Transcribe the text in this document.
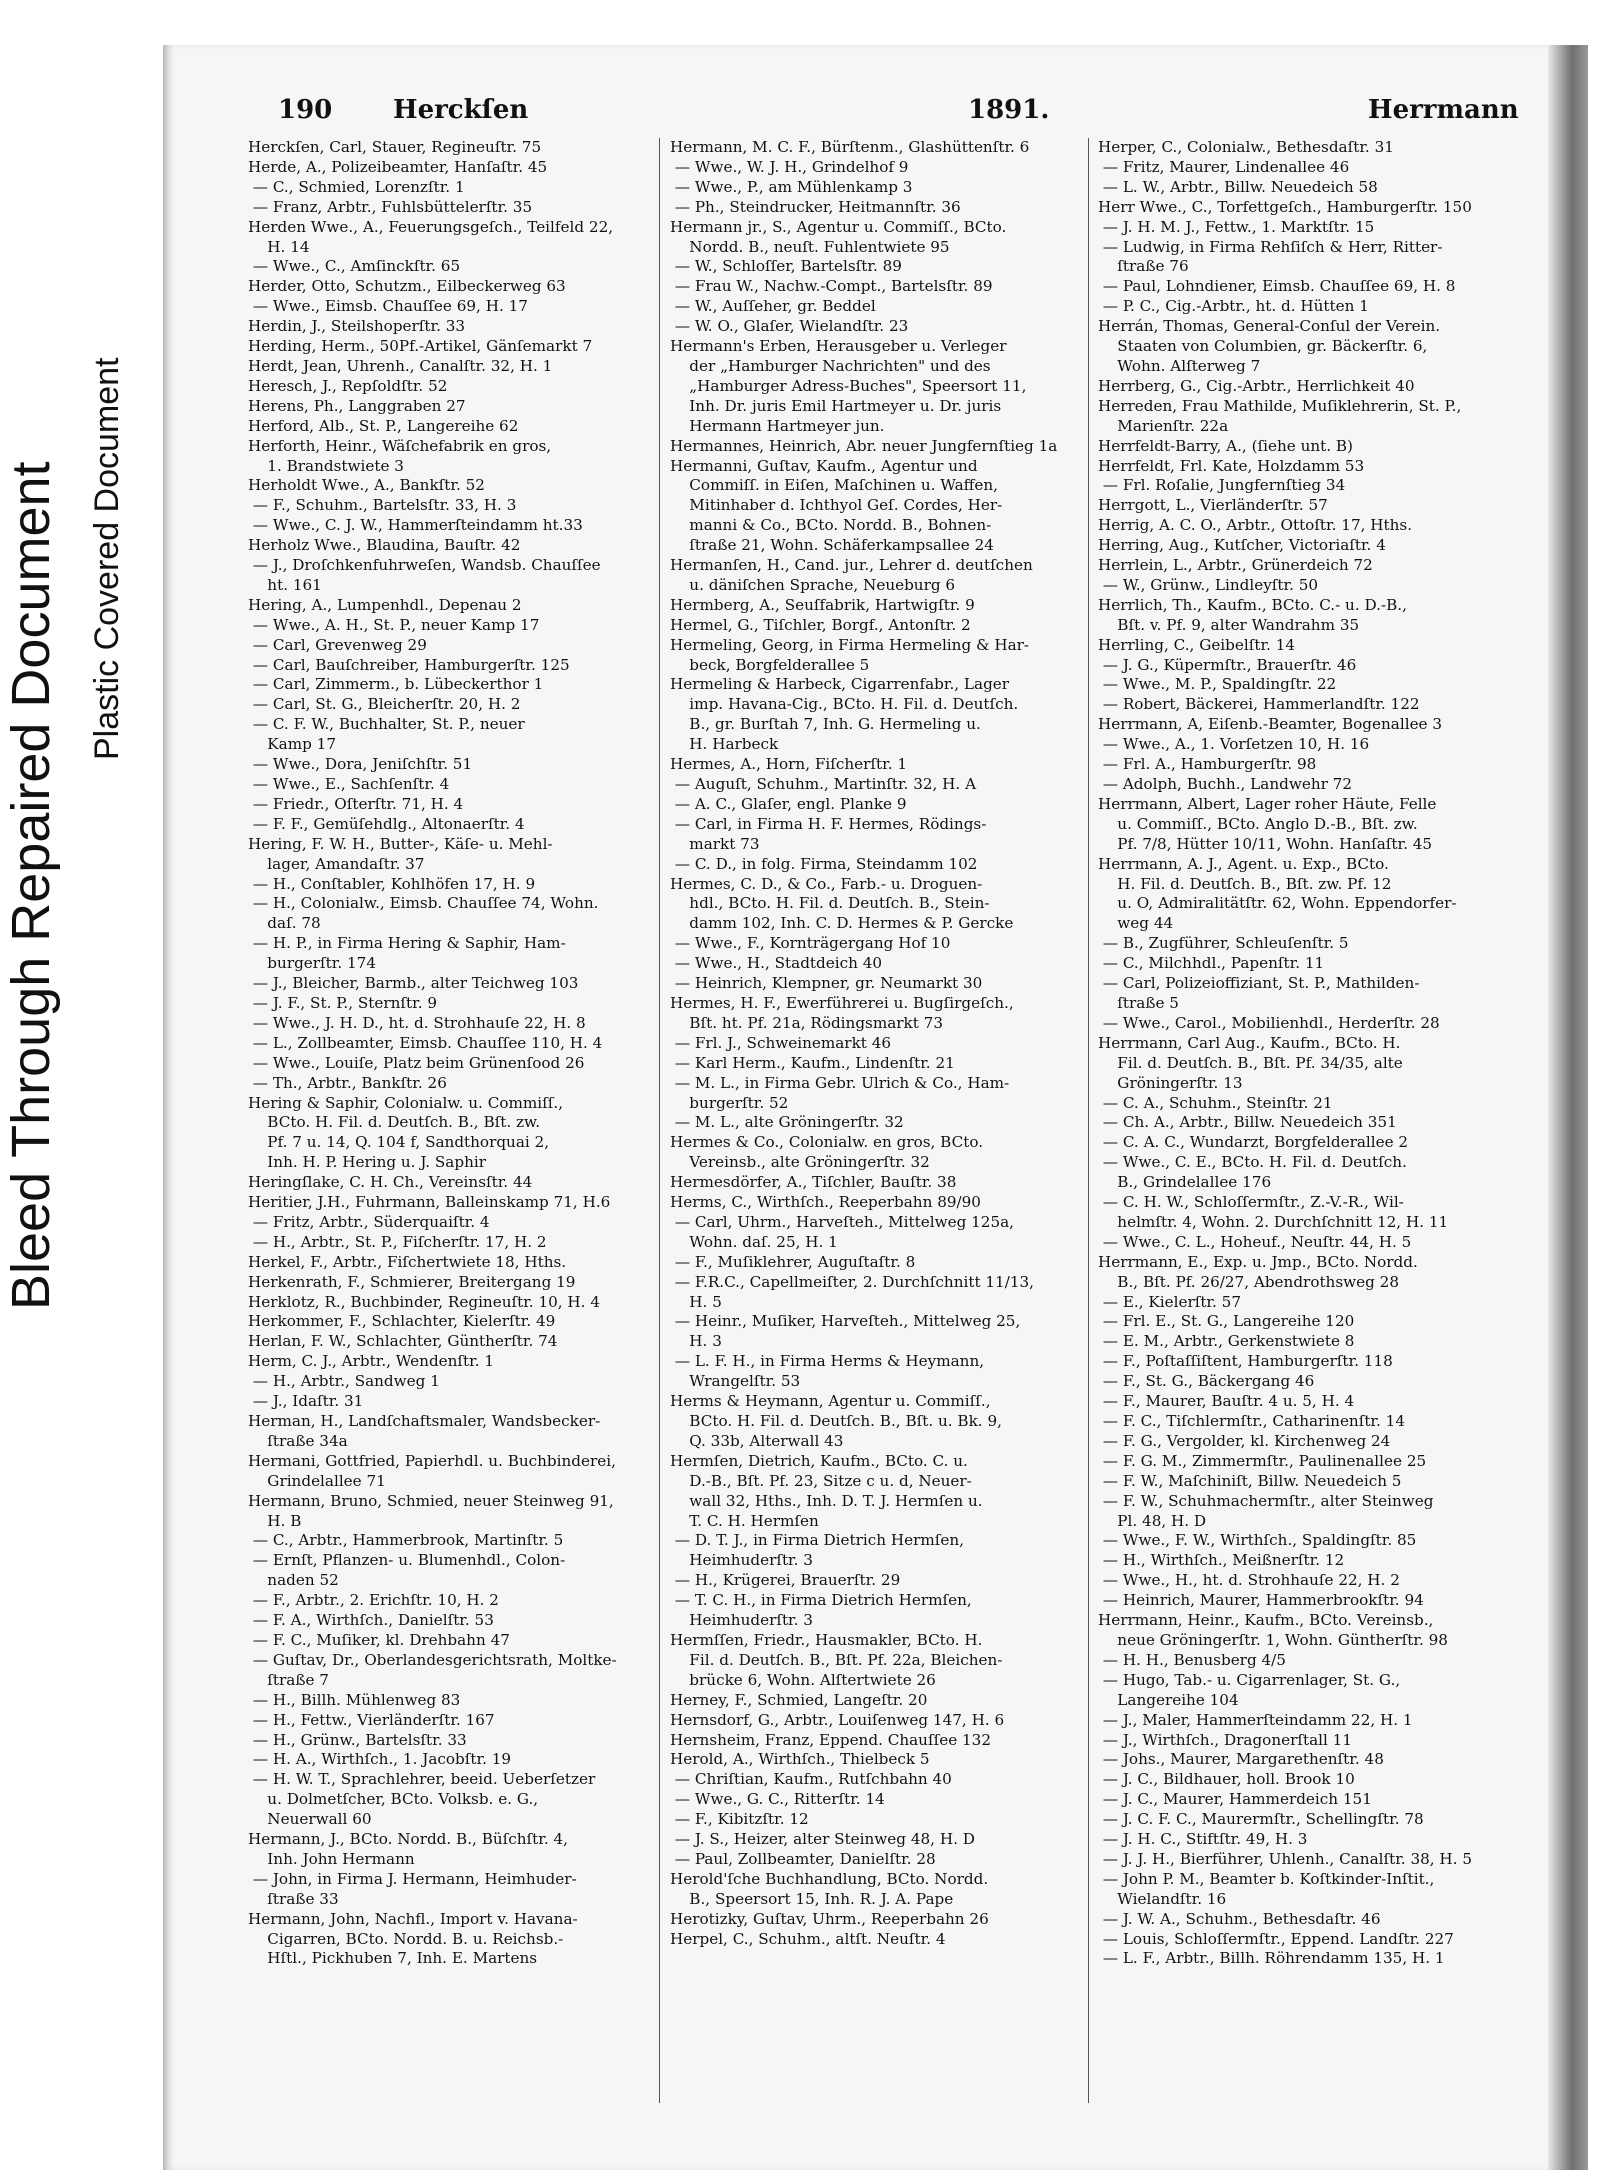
Bleed Through Repaired Document Plastic Covered Document
190 Herckſen	1891.	Herrmann
Herckſen, Carl, Stauer, Regineuſtr. 75
Herde, A., Polizeibeamter, Hanſaſtr. 45
— C., Schmied, Lorenzſtr. 1
— Franz, Arbtr., Fuhlsbüttelerſtr. 35
Herden Wwe., A., Feuerungsgeſch., Teilfeld 22,
H. 14
— Wwe., C., Amſinckſtr. 65
Herder, Otto, Schutzm., Eilbeckerweg 63
— Wwe., Eimsb. Chauſſee 69, H. 17
Herdin, J., Steilshoperſtr. 33
Herding, Herm., 50Pf.-Artikel, Gänſemarkt 7
Herdt, Jean, Uhrenh., Canalſtr. 32, H. 1
Heresch, J., Repſoldſtr. 52
Herens, Ph., Langgraben 27
Herford, Alb., St. P., Langereihe 62
Herforth, Heinr., Wäſchefabrik en gros,
1. Brandstwiete 3
Herholdt Wwe., A., Bankſtr. 52
— F., Schuhm., Bartelsſtr. 33, H. 3
— Wwe., C. J. W., Hammerſteindamm ht.33
Herholz Wwe., Blaudina, Bauſtr. 42
— J., Droſchkenfuhrweſen, Wandsb. Chauſſee
ht. 161
Hering, A., Lumpenhdl., Depenau 2
— Wwe., A. H., St. P., neuer Kamp 17
— Carl, Grevenweg 29
— Carl, Bauſchreiber, Hamburgerſtr. 125
— Carl, Zimmerm., b. Lübeckerthor 1
— Carl, St. G., Bleicherſtr. 20, H. 2
— C. F. W., Buchhalter, St. P., neuer
Kamp 17
— Wwe., Dora, Jeniſchſtr. 51
— Wwe., E., Sachſenſtr. 4
— Friedr., Oſterſtr. 71, H. 4
— F. F., Gemüſehdlg., Altonaerſtr. 4
Hering, F. W. H., Butter-, Käſe- u. Mehl-
lager, Amandaſtr. 37
— H., Conſtabler, Kohlhöfen 17, H. 9
— H., Colonialw., Eimsb. Chauſſee 74, Wohn.
daſ. 78
— H. P., in Firma Hering & Saphir, Ham-
burgerſtr. 174
— J., Bleicher, Barmb., alter Teichweg 103
— J. F., St. P., Sternſtr. 9
— Wwe., J. H. D., ht. d. Strohhauſe 22, H. 8
— L., Zollbeamter, Eimsb. Chauſſee 110, H. 4
— Wwe., Louiſe, Platz beim Grünenſood 26
— Th., Arbtr., Bankſtr. 26
Hering & Saphir, Colonialw. u. Commiſſ.,
BCto. H. Fil. d. Deutſch. B., Bſt. zw.
Pf. 7 u. 14, Q. 104 f, Sandthorquai 2,
Inh. H. P. Hering u. J. Saphir
Heringſlake, C. H. Ch., Vereinsſtr. 44
Heritier, J.H., Fuhrmann, Balleinskamp 71, H.6
— Fritz, Arbtr., Süderquaiſtr. 4
— H., Arbtr., St. P., Fiſcherſtr. 17, H. 2
Herkel, F., Arbtr., Fiſchertwiete 18, Hths.
Herkenrath, F., Schmierer, Breitergang 19
Herklotz, R., Buchbinder, Regineuſtr. 10, H. 4
Herkommer, F., Schlachter, Kielerſtr. 49
Herlan, F. W., Schlachter, Güntherſtr. 74
Herm, C. J., Arbtr., Wendenſtr. 1
— H., Arbtr., Sandweg 1
— J., Idaſtr. 31
Herman, H., Landſchaftsmaler, Wandsbecker-
ſtraße 34a
Hermani, Gottfried, Papierhdl. u. Buchbinderei,
Grindelallee 71
Hermann, Bruno, Schmied, neuer Steinweg 91,
H. B
— C., Arbtr., Hammerbrook, Martinſtr. 5
— Ernſt, Pflanzen- u. Blumenhdl., Colon-
naden 52
— F., Arbtr., 2. Erichſtr. 10, H. 2
— F. A., Wirthſch., Danielſtr. 53
— F. C., Muſiker, kl. Drehbahn 47
— Guſtav, Dr., Oberlandesgerichtsrath, Moltke-
ſtraße 7
— H., Billh. Mühlenweg 83
— H., Fettw., Vierländerſtr. 167
— H., Grünw., Bartelsſtr. 33
— H. A., Wirthſch., 1. Jacobſtr. 19
— H. W. T., Sprachlehrer, beeid. Ueberſetzer
u. Dolmetſcher, BCto. Volksb. e. G.,
Neuerwall 60
Hermann, J., BCto. Nordd. B., Büſchſtr. 4,
Inh. John Hermann
— John, in Firma J. Hermann, Heimhuder-
ſtraße 33
Hermann, John, Nachfl., Import v. Havana-
Cigarren, BCto. Nordd. B. u. Reichsb.-
Hſtl., Pickhuben 7, Inh. E. Martens
Hermann, M. C. F., Bürſtenm., Glashüttenſtr. 6
— Wwe., W. J. H., Grindelhof 9
— Wwe., P., am Mühlenkamp 3
— Ph., Steindrucker, Heitmannſtr. 36
Hermann jr., S., Agentur u. Commiſſ., BCto.
Nordd. B., neuſt. Fuhlentwiete 95
— W., Schloſſer, Bartelsſtr. 89
— Frau W., Nachw.-Compt., Bartelsſtr. 89
— W., Auſſeher, gr. Beddel
— W. O., Glaſer, Wielandſtr. 23
Hermann's Erben, Herausgeber u. Verleger
der „Hamburger Nachrichten" und des
„Hamburger Adress-Buches", Speersort 11,
Inh. Dr. juris Emil Hartmeyer u. Dr. juris
Hermann Hartmeyer jun.
Hermannes, Heinrich, Abr. neuer Jungfernſtieg 1a
Hermanni, Guſtav, Kaufm., Agentur und
Commiſſ. in Eiſen, Maſchinen u. Waffen,
Mitinhaber d. Ichthyol Geſ. Cordes, Her-
manni & Co., BCto. Nordd. B., Bohnen-
ſtraße 21, Wohn. Schäferkampsallee 24
Hermanſen, H., Cand. jur., Lehrer d. deutſchen
u. däniſchen Sprache, Neueburg 6
Hermberg, A., Seuſfabrik, Hartwigſtr. 9
Hermel, G., Tiſchler, Borgf., Antonſtr. 2
Hermeling, Georg, in Firma Hermeling & Har-
beck, Borgfelderallee 5
Hermeling & Harbeck, Cigarrenfabr., Lager
imp. Havana-Cig., BCto. H. Fil. d. Deutſch.
B., gr. Burſtah 7, Inh. G. Hermeling u.
H. Harbeck
Hermes, A., Horn, Fiſcherſtr. 1
— Auguſt, Schuhm., Martinſtr. 32, H. A
— A. C., Glaſer, engl. Planke 9
— Carl, in Firma H. F. Hermes, Rödings-
markt 73
— C. D., in folg. Firma, Steindamm 102
Hermes, C. D., & Co., Farb.- u. Droguen-
hdl., BCto. H. Fil. d. Deutſch. B., Stein-
damm 102, Inh. C. D. Hermes & P. Gercke
— Wwe., F., Kornträgergang Hof 10
— Wwe., H., Stadtdeich 40
— Heinrich, Klempner, gr. Neumarkt 30
Hermes, H. F., Ewerführerei u. Bugſirgeſch.,
Bſt. ht. Pf. 21a, Rödingsmarkt 73
— Frl. J., Schweinemarkt 46
— Karl Herm., Kaufm., Lindenſtr. 21
— M. L., in Firma Gebr. Ulrich & Co., Ham-
burgerſtr. 52
— M. L., alte Gröningerſtr. 32
Hermes & Co., Colonialw. en gros, BCto.
Vereinsb., alte Gröningerſtr. 32
Hermesdörfer, A., Tiſchler, Bauſtr. 38
Herms, C., Wirthſch., Reeperbahn 89/90
— Carl, Uhrm., Harveſteh., Mittelweg 125a,
Wohn. daſ. 25, H. 1
— F., Muſiklehrer, Auguſtaſtr. 8
— F.R.C., Capellmeiſter, 2. Durchſchnitt 11/13,
H. 5
— Heinr., Muſiker, Harveſteh., Mittelweg 25,
H. 3
— L. F. H., in Firma Herms & Heymann,
Wrangelſtr. 53
Herms & Heymann, Agentur u. Commiſſ.,
BCto. H. Fil. d. Deutſch. B., Bſt. u. Bk. 9,
Q. 33b, Alterwall 43
Hermſen, Dietrich, Kaufm., BCto. C. u.
D.-B., Bſt. Pf. 23, Sitze c u. d, Neuer-
wall 32, Hths., Inh. D. T. J. Hermſen u.
T. C. H. Hermſen
— D. T. J., in Firma Dietrich Hermſen,
Heimhuderſtr. 3
— H., Krügerei, Brauerſtr. 29
— T. C. H., in Firma Dietrich Hermſen,
Heimhuderſtr. 3
Hermſſen, Friedr., Hausmakler, BCto. H.
Fil. d. Deutſch. B., Bſt. Pf. 22a, Bleichen-
brücke 6, Wohn. Alſtertwiete 26
Herney, F., Schmied, Langeſtr. 20
Hernsdorf, G., Arbtr., Louiſenweg 147, H. 6
Hernsheim, Franz, Eppend. Chauſſee 132
Herold, A., Wirthſch., Thielbeck 5
— Chriſtian, Kaufm., Rutſchbahn 40
— Wwe., G. C., Ritterſtr. 14
— F., Kibitzſtr. 12
— J. S., Heizer, alter Steinweg 48, H. D
— Paul, Zollbeamter, Danielſtr. 28
Herold'ſche Buchhandlung, BCto. Nordd.
B., Speersort 15, Inh. R. J. A. Pape
Herotizky, Guſtav, Uhrm., Reeperbahn 26
Herpel, C., Schuhm., altſt. Neuſtr. 4
Herper, C., Colonialw., Bethesdaſtr. 31
— Fritz, Maurer, Lindenallee 46
— L. W., Arbtr., Billw. Neuedeich 58
Herr Wwe., C., Torfettgeſch., Hamburgerſtr. 150
— J. H. M. J., Fettw., 1. Marktſtr. 15
— Ludwig, in Firma Rehſiſch & Herr, Ritter-
ſtraße 76
— Paul, Lohndiener, Eimsb. Chauſſee 69, H. 8
— P. C., Cig.-Arbtr., ht. d. Hütten 1
Herrán, Thomas, General-Conſul der Verein.
Staaten von Columbien, gr. Bäckerſtr. 6,
Wohn. Alſterweg 7
Herrberg, G., Cig.-Arbtr., Herrlichkeit 40
Herreden, Frau Mathilde, Muſiklehrerin, St. P.,
Marienſtr. 22a
Herrfeldt-Barry, A., (ſiehe unt. B)
Herrfeldt, Frl. Kate, Holzdamm 53
— Frl. Roſalie, Jungfernſtieg 34
Herrgott, L., Vierländerſtr. 57
Herrig, A. C. O., Arbtr., Ottoſtr. 17, Hths.
Herring, Aug., Kutſcher, Victoriaſtr. 4
Herrlein, L., Arbtr., Grünerdeich 72
— W., Grünw., Lindleyſtr. 50
Herrlich, Th., Kaufm., BCto. C.- u. D.-B.,
Bſt. v. Pf. 9, alter Wandrahm 35
Herrling, C., Geibelſtr. 14
— J. G., Küpermſtr., Brauerſtr. 46
— Wwe., M. P., Spaldingſtr. 22
— Robert, Bäckerei, Hammerlandſtr. 122
Herrmann, A, Eiſenb.-Beamter, Bogenallee 3
— Wwe., A., 1. Vorſetzen 10, H. 16
— Frl. A., Hamburgerſtr. 98
— Adolph, Buchh., Landwehr 72
Herrmann, Albert, Lager roher Häute, Felle
u. Commiſſ., BCto. Anglo D.-B., Bſt. zw.
Pf. 7/8, Hütter 10/11, Wohn. Hanſaſtr. 45
Herrmann, A. J., Agent. u. Exp., BCto.
H. Fil. d. Deutſch. B., Bſt. zw. Pf. 12
u. O, Admiralitätſtr. 62, Wohn. Eppendorfer-
weg 44
— B., Zugführer, Schleuſenſtr. 5
— C., Milchhdl., Papenſtr. 11
— Carl, Polizeioffiziant, St. P., Mathilden-
ſtraße 5
— Wwe., Carol., Mobilienhdl., Herderſtr. 28
Herrmann, Carl Aug., Kaufm., BCto. H.
Fil. d. Deutſch. B., Bſt. Pf. 34/35, alte
Gröningerſtr. 13
— C. A., Schuhm., Steinſtr. 21
— Ch. A., Arbtr., Billw. Neuedeich 351
— C. A. C., Wundarzt, Borgfelderallee 2
— Wwe., C. E., BCto. H. Fil. d. Deutſch.
B., Grindelallee 176
— C. H. W., Schloſſermſtr., Z.-V.-R., Wil-
helmſtr. 4, Wohn. 2. Durchſchnitt 12, H. 11
— Wwe., C. L., Hoheuf., Neuſtr. 44, H. 5
Herrmann, E., Exp. u. Jmp., BCto. Nordd.
B., Bſt. Pf. 26/27, Abendrothsweg 28
— E., Kielerſtr. 57
— Frl. E., St. G., Langereihe 120
— E. M., Arbtr., Gerkenstwiete 8
— F., Poſtaſſiſtent, Hamburgerſtr. 118
— F., St. G., Bäckergang 46
— F., Maurer, Bauſtr. 4 u. 5, H. 4
— F. C., Tiſchlermſtr., Catharinenſtr. 14
— F. G., Vergolder, kl. Kirchenweg 24
— F. G. M., Zimmermſtr., Paulinenallee 25
— F. W., Maſchiniſt, Billw. Neuedeich 5
— F. W., Schuhmachermſtr., alter Steinweg
Pl. 48, H. D
— Wwe., F. W., Wirthſch., Spaldingſtr. 85
— H., Wirthſch., Meißnerſtr. 12
— Wwe., H., ht. d. Strohhauſe 22, H. 2
— Heinrich, Maurer, Hammerbrookſtr. 94
Herrmann, Heinr., Kaufm., BCto. Vereinsb.,
neue Gröningerſtr. 1, Wohn. Güntherſtr. 98
— H. H., Benusberg 4/5
— Hugo, Tab.- u. Cigarrenlager, St. G.,
Langereihe 104
— J., Maler, Hammerſteindamm 22, H. 1
— J., Wirthſch., Dragonerſtall 11
— Johs., Maurer, Margarethenſtr. 48
— J. C., Bildhauer, holl. Brook 10
— J. C., Maurer, Hammerdeich 151
— J. C. F. C., Maurermſtr., Schellingſtr. 78
— J. H. C., Stiftſtr. 49, H. 3
— J. J. H., Bierführer, Uhlenh., Canalſtr. 38, H. 5
— John P. M., Beamter b. Koſtkinder-Inſtit.,
Wielandſtr. 16
— J. W. A., Schuhm., Bethesdaſtr. 46
— Louis, Schloſſermſtr., Eppend. Landſtr. 227
— L. F., Arbtr., Billh. Röhrendamm 135, H. 1
